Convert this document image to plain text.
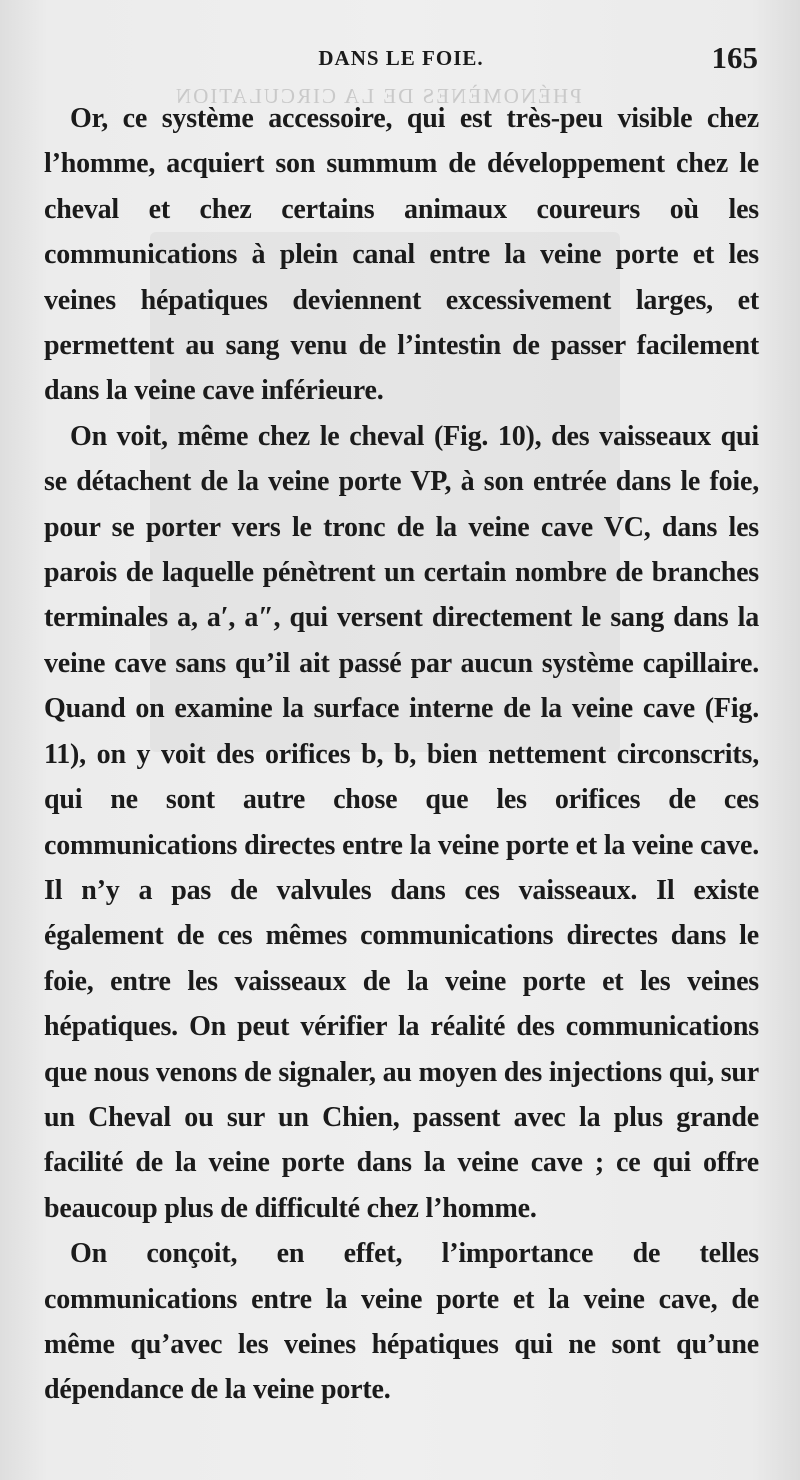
PHÉNOMÈNES DE LA CIRCULATION
DANS LE FOIE.	165

Or, ce système accessoire, qui est très-peu visible chez l’homme, acquiert son summum de développement chez le cheval et chez certains animaux coureurs où les communications à plein canal entre la veine porte et les veines hépatiques deviennent excessivement larges, et permettent au sang venu de l’intestin de passer facilement dans la veine cave inférieure.

On voit, même chez le cheval (Fig. 10), des vaisseaux qui se détachent de la veine porte VP, à son entrée dans le foie, pour se porter vers le tronc de la veine cave VC, dans les parois de laquelle pénètrent un certain nombre de branches terminales a, a′, a″, qui versent directement le sang dans la veine cave sans qu’il ait passé par aucun système capillaire. Quand on examine la surface interne de la veine cave (Fig. 11), on y voit des orifices b, b, bien nettement circonscrits, qui ne sont autre chose que les orifices de ces communications directes entre la veine porte et la veine cave. Il n’y a pas de valvules dans ces vaisseaux. Il existe également de ces mêmes communications directes dans le foie, entre les vaisseaux de la veine porte et les veines hépatiques. On peut vérifier la réalité des communications que nous venons de signaler, au moyen des injections qui, sur un Cheval ou sur un Chien, passent avec la plus grande facilité de la veine porte dans la veine cave ; ce qui offre beaucoup plus de difficulté chez l’homme.

On conçoit, en effet, l’importance de telles communications entre la veine porte et la veine cave, de même qu’avec les veines hépatiques qui ne sont qu’une dépendance de la veine porte.
